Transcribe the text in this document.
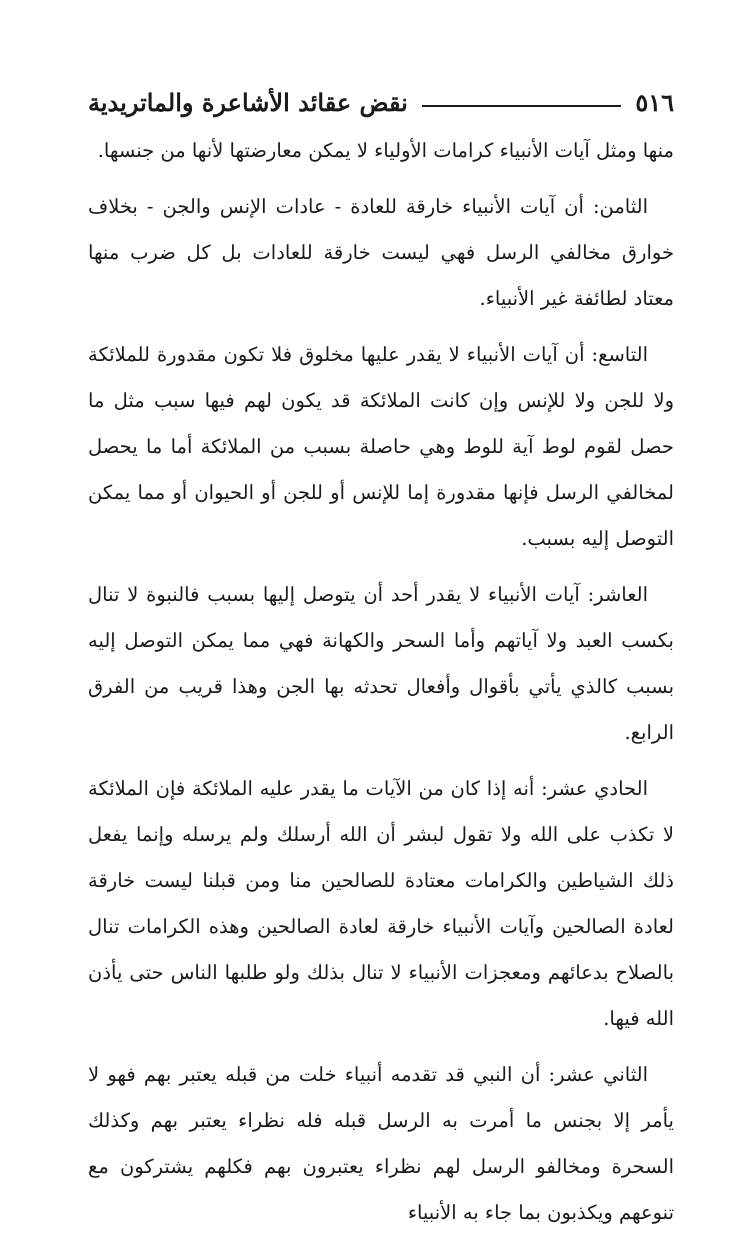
٥١٦
نقض عقائد الأشاعرة والماتريدية

منها ومثل آيات الأنبياء كرامات الأولياء لا يمكن معارضتها لأنها من جنسها.

الثامن: أن آيات الأنبياء خارقة للعادة - عادات الإنس والجن - بخلاف خوارق مخالفي الرسل فهي ليست خارقة للعادات بل كل ضرب منها معتاد لطائفة غير الأنبياء.

التاسع: أن آيات الأنبياء لا يقدر عليها مخلوق فلا تكون مقدورة للملائكة ولا للجن ولا للإنس وإن كانت الملائكة قد يكون لهم فيها سبب مثل ما حصل لقوم لوط آية للوط وهي حاصلة بسبب من الملائكة أما ما يحصل لمخالفي الرسل فإنها مقدورة إما للإنس أو للجن أو الحيوان أو مما يمكن التوصل إليه بسبب.

العاشر: آيات الأنبياء لا يقدر أحد أن يتوصل إليها بسبب فالنبوة لا تنال بكسب العبد ولا آياتهم وأما السحر والكهانة فهي مما يمكن التوصل إليه بسبب كالذي يأتي بأقوال وأفعال تحدثه بها الجن وهذا قريب من الفرق الرابع.

الحادي عشر: أنه إذا كان من الآيات ما يقدر عليه الملائكة فإن الملائكة لا تكذب على الله ولا تقول لبشر أن الله أرسلك ولم يرسله وإنما يفعل ذلك الشياطين والكرامات معتادة للصالحين منا ومن قبلنا ليست خارقة لعادة الصالحين وآيات الأنبياء خارقة لعادة الصالحين وهذه الكرامات تنال بالصلاح بدعائهم ومعجزات الأنبياء لا تنال بذلك ولو طلبها الناس حتى يأذن الله فيها.

الثاني عشر: أن النبي قد تقدمه أنبياء خلت من قبله يعتبر بهم فهو لا يأمر إلا بجنس ما أمرت به الرسل قبله فله نظراء يعتبر بهم وكذلك السحرة ومخالفو الرسل لهم نظراء يعتبرون بهم فكلهم يشتركون مع تنوعهم ويكذبون بما جاء به الأنبياء
